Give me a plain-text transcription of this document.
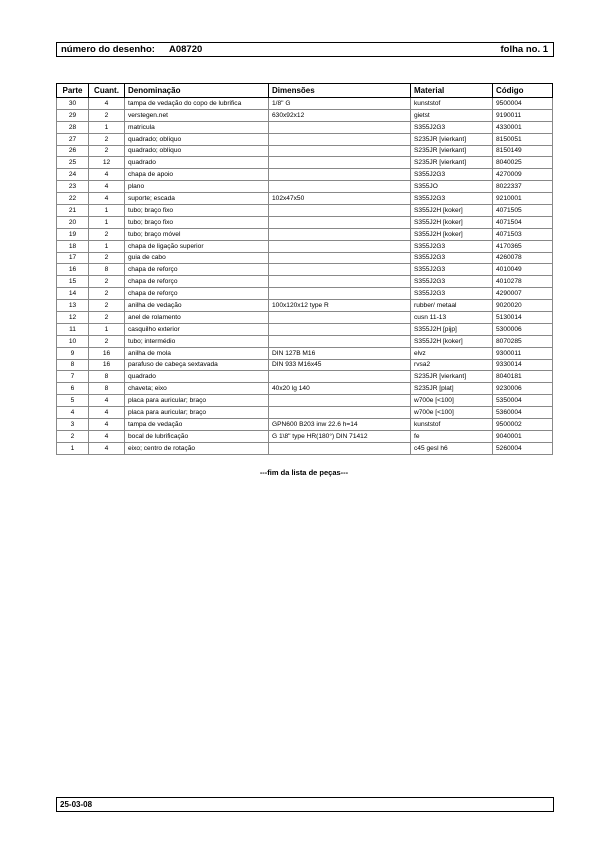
número do desenho: A08720	folha no. 1
Parte	Cuant.	Denominação	Dimensões	Material	Código
30	4	tampa de vedação do copo de lubrifica	1/8" G	kunststof	9500004
29	2	verstegen.net	630x92x12	gietst	9190011
28	1	matricula		S355J2G3	4330001
27	2	quadrado; oblíquo		S235JR [vierkant]	8150051
26	2	quadrado; oblíquo		S235JR [vierkant]	8150149
25	12	quadrado		S235JR [vierkant]	8040025
24	4	chapa de apoio		S355J2G3	4270009
23	4	plano		S355JO	8022337
22	4	suporte; escada	102x47x50	S355J2G3	9210001
21	1	tubo; braço fixo		S355J2H [koker]	4071505
20	1	tubo; braço fixo		S355J2H [koker]	4071504
19	2	tubo; braço móvel		S355J2H [koker]	4071503
18	1	chapa de ligação superior		S355J2G3	4170365
17	2	guia de cabo		S355J2G3	4260078
16	8	chapa de reforço		S355J2G3	4010049
15	2	chapa de reforço		S355J2G3	4010278
14	2	chapa de reforço		S355J2G3	4290007
13	2	anilha de vedação	100x120x12 type R	rubber/ metaal	9020020
12	2	anel de rolamento		cusn 11-13	5130014
11	1	casquilho exterior		S355J2H [pijp]	5300006
10	2	tubo; intermédio		S355J2H [koker]	8070285
9	16	anilha de mola	DIN 127B M16	elvz	9300011
8	16	parafuso de cabeça sextavada	DIN 933 M16x45	rvsa2	9330014
7	8	quadrado		S235JR [vierkant]	8040181
6	8	chaveta; eixo	40x20 lg 140	S235JR [plat]	9230006
5	4	placa para auricular; braço		w700e [<100]	5350004
4	4	placa para auricular; braço		w700e [<100]	5360004
3	4	tampa de vedação	GPN600 B203 inw 22.6 h=14	kunststof	9500002
2	4	bocal de lubrificação	G 1\8" type HR(180°) DIN 71412	fe	9040001
1	4	eixo; centro de rotação		c45 gesl h6	5260004
---fim da lista de peças---
25-03-08
